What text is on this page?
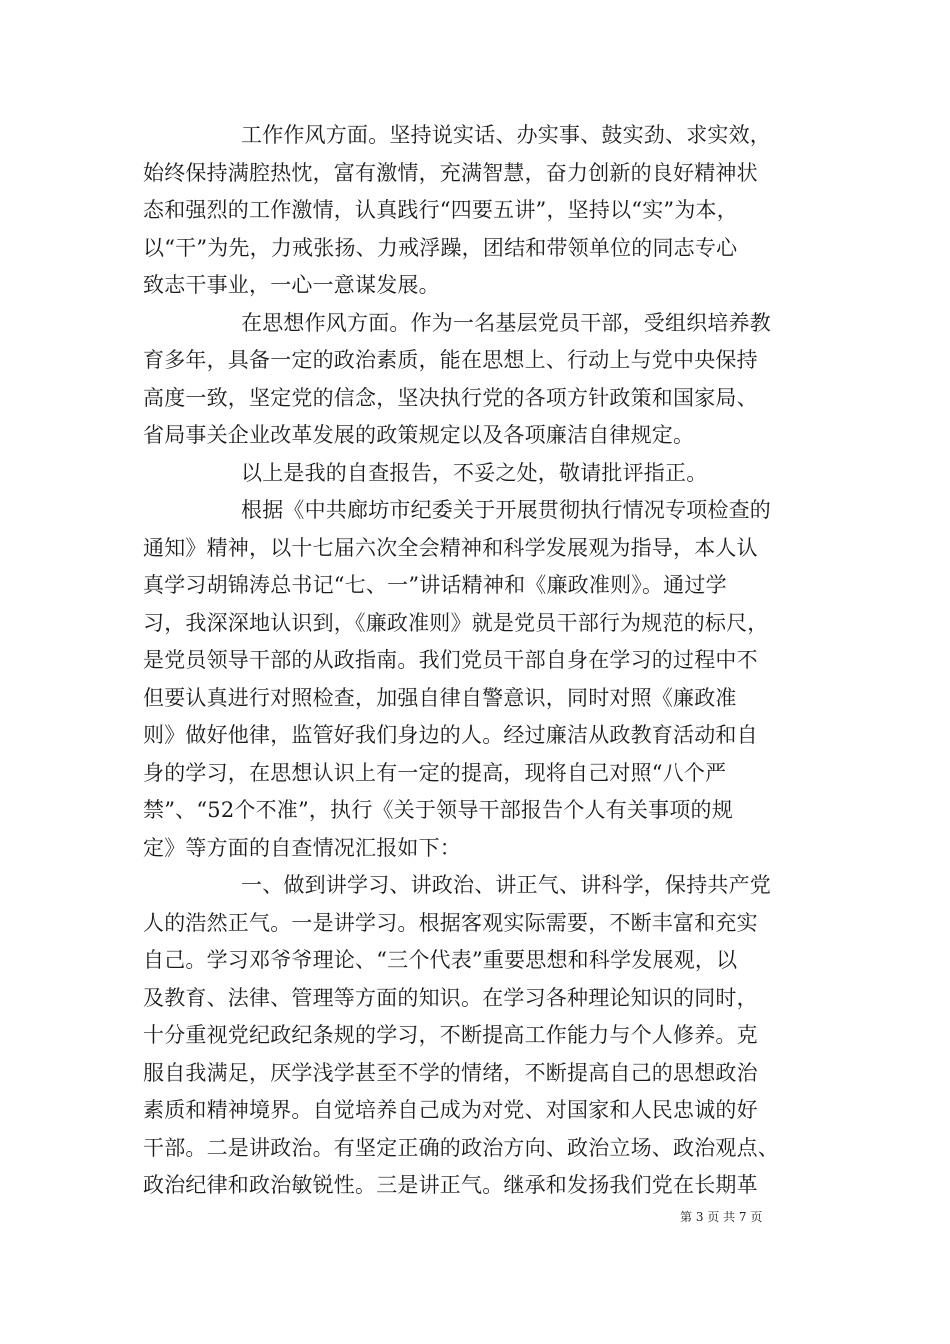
工作作风方面。坚持说实话、办实事、鼓实劲、求实效，
始终保持满腔热忱，富有激情，充满智慧，奋力创新的良好精神状
态和强烈的工作激情，认真践行“四要五讲”，坚持以“实”为本，
以“干”为先，力戒张扬、力戒浮躁，团结和带领单位的同志专心
致志干事业，一心一意谋发展。
在思想作风方面。作为一名基层党员干部，受组织培养教
育多年，具备一定的政治素质，能在思想上、行动上与党中央保持
高度一致，坚定党的信念，坚决执行党的各项方针政策和国家局、
省局事关企业改革发展的政策规定以及各项廉洁自律规定。
以上是我的自查报告，不妥之处，敬请批评指正。
根据《中共廊坊市纪委关于开展贯彻执行情况专项检查的
通知》精神，以十七届六次全会精神和科学发展观为指导，本人认
真学习胡锦涛总书记“七、一”讲话精神和《廉政准则》。通过学
习，我深深地认识到，《廉政准则》就是党员干部行为规范的标尺，
是党员领导干部的从政指南。我们党员干部自身在学习的过程中不
但要认真进行对照检查，加强自律自警意识，同时对照《廉政准
则》做好他律，监管好我们身边的人。经过廉洁从政教育活动和自
身的学习，在思想认识上有一定的提高，现将自己对照“八个严
禁”、“52个不准”，执行《关于领导干部报告个人有关事项的规
定》等方面的自查情况汇报如下：
一、做到讲学习、讲政治、讲正气、讲科学，保持共产党
人的浩然正气。一是讲学习。根据客观实际需要，不断丰富和充实
自己。学习邓爷爷理论、“三个代表”重要思想和科学发展观，以
及教育、法律、管理等方面的知识。在学习各种理论知识的同时，
十分重视党纪政纪条规的学习，不断提高工作能力与个人修养。克
服自我满足，厌学浅学甚至不学的情绪，不断提高自己的思想政治
素质和精神境界。自觉培养自己成为对党、对国家和人民忠诚的好
干部。二是讲政治。有坚定正确的政治方向、政治立场、政治观点、
政治纪律和政治敏锐性。三是讲正气。继承和发扬我们党在长期革
第 3 页 共 7 页
